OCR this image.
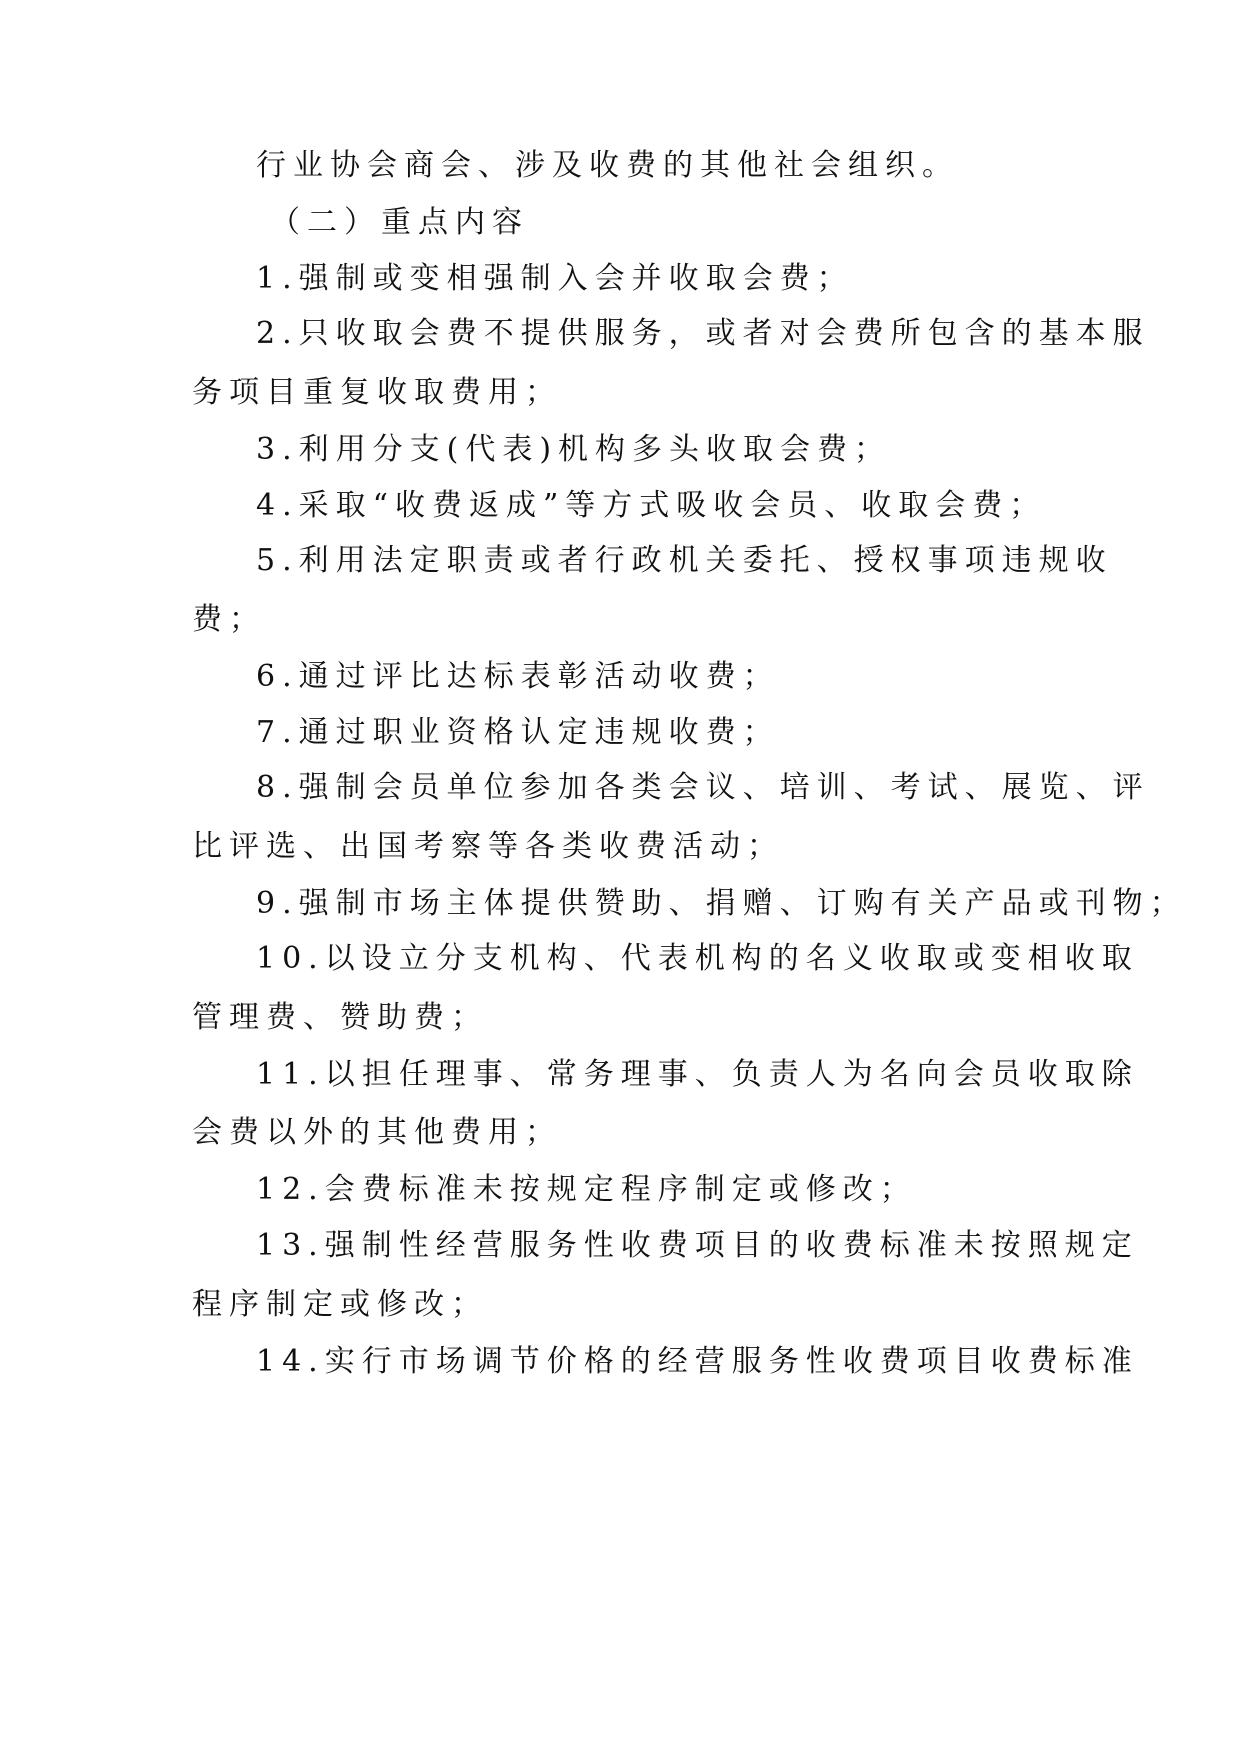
行业协会商会、涉及收费的其他社会组织。
（二）重点内容
1.强制或变相强制入会并收取会费；
2.只收取会费不提供服务，或者对会费所包含的基本服
务项目重复收取费用；
3.利用分支(代表)机构多头收取会费；
4.采取“收费返成”等方式吸收会员、收取会费；
5.利用法定职责或者行政机关委托、授权事项违规收
费；
6.通过评比达标表彰活动收费；
7.通过职业资格认定违规收费；
8.强制会员单位参加各类会议、培训、考试、展览、评
比评选、出国考察等各类收费活动；
9.强制市场主体提供赞助、捐赠、订购有关产品或刊物；
10.以设立分支机构、代表机构的名义收取或变相收取
管理费、赞助费；
11.以担任理事、常务理事、负责人为名向会员收取除
会费以外的其他费用；
12.会费标准未按规定程序制定或修改；
13.强制性经营服务性收费项目的收费标准未按照规定
程序制定或修改；
14.实行市场调节价格的经营服务性收费项目收费标准
